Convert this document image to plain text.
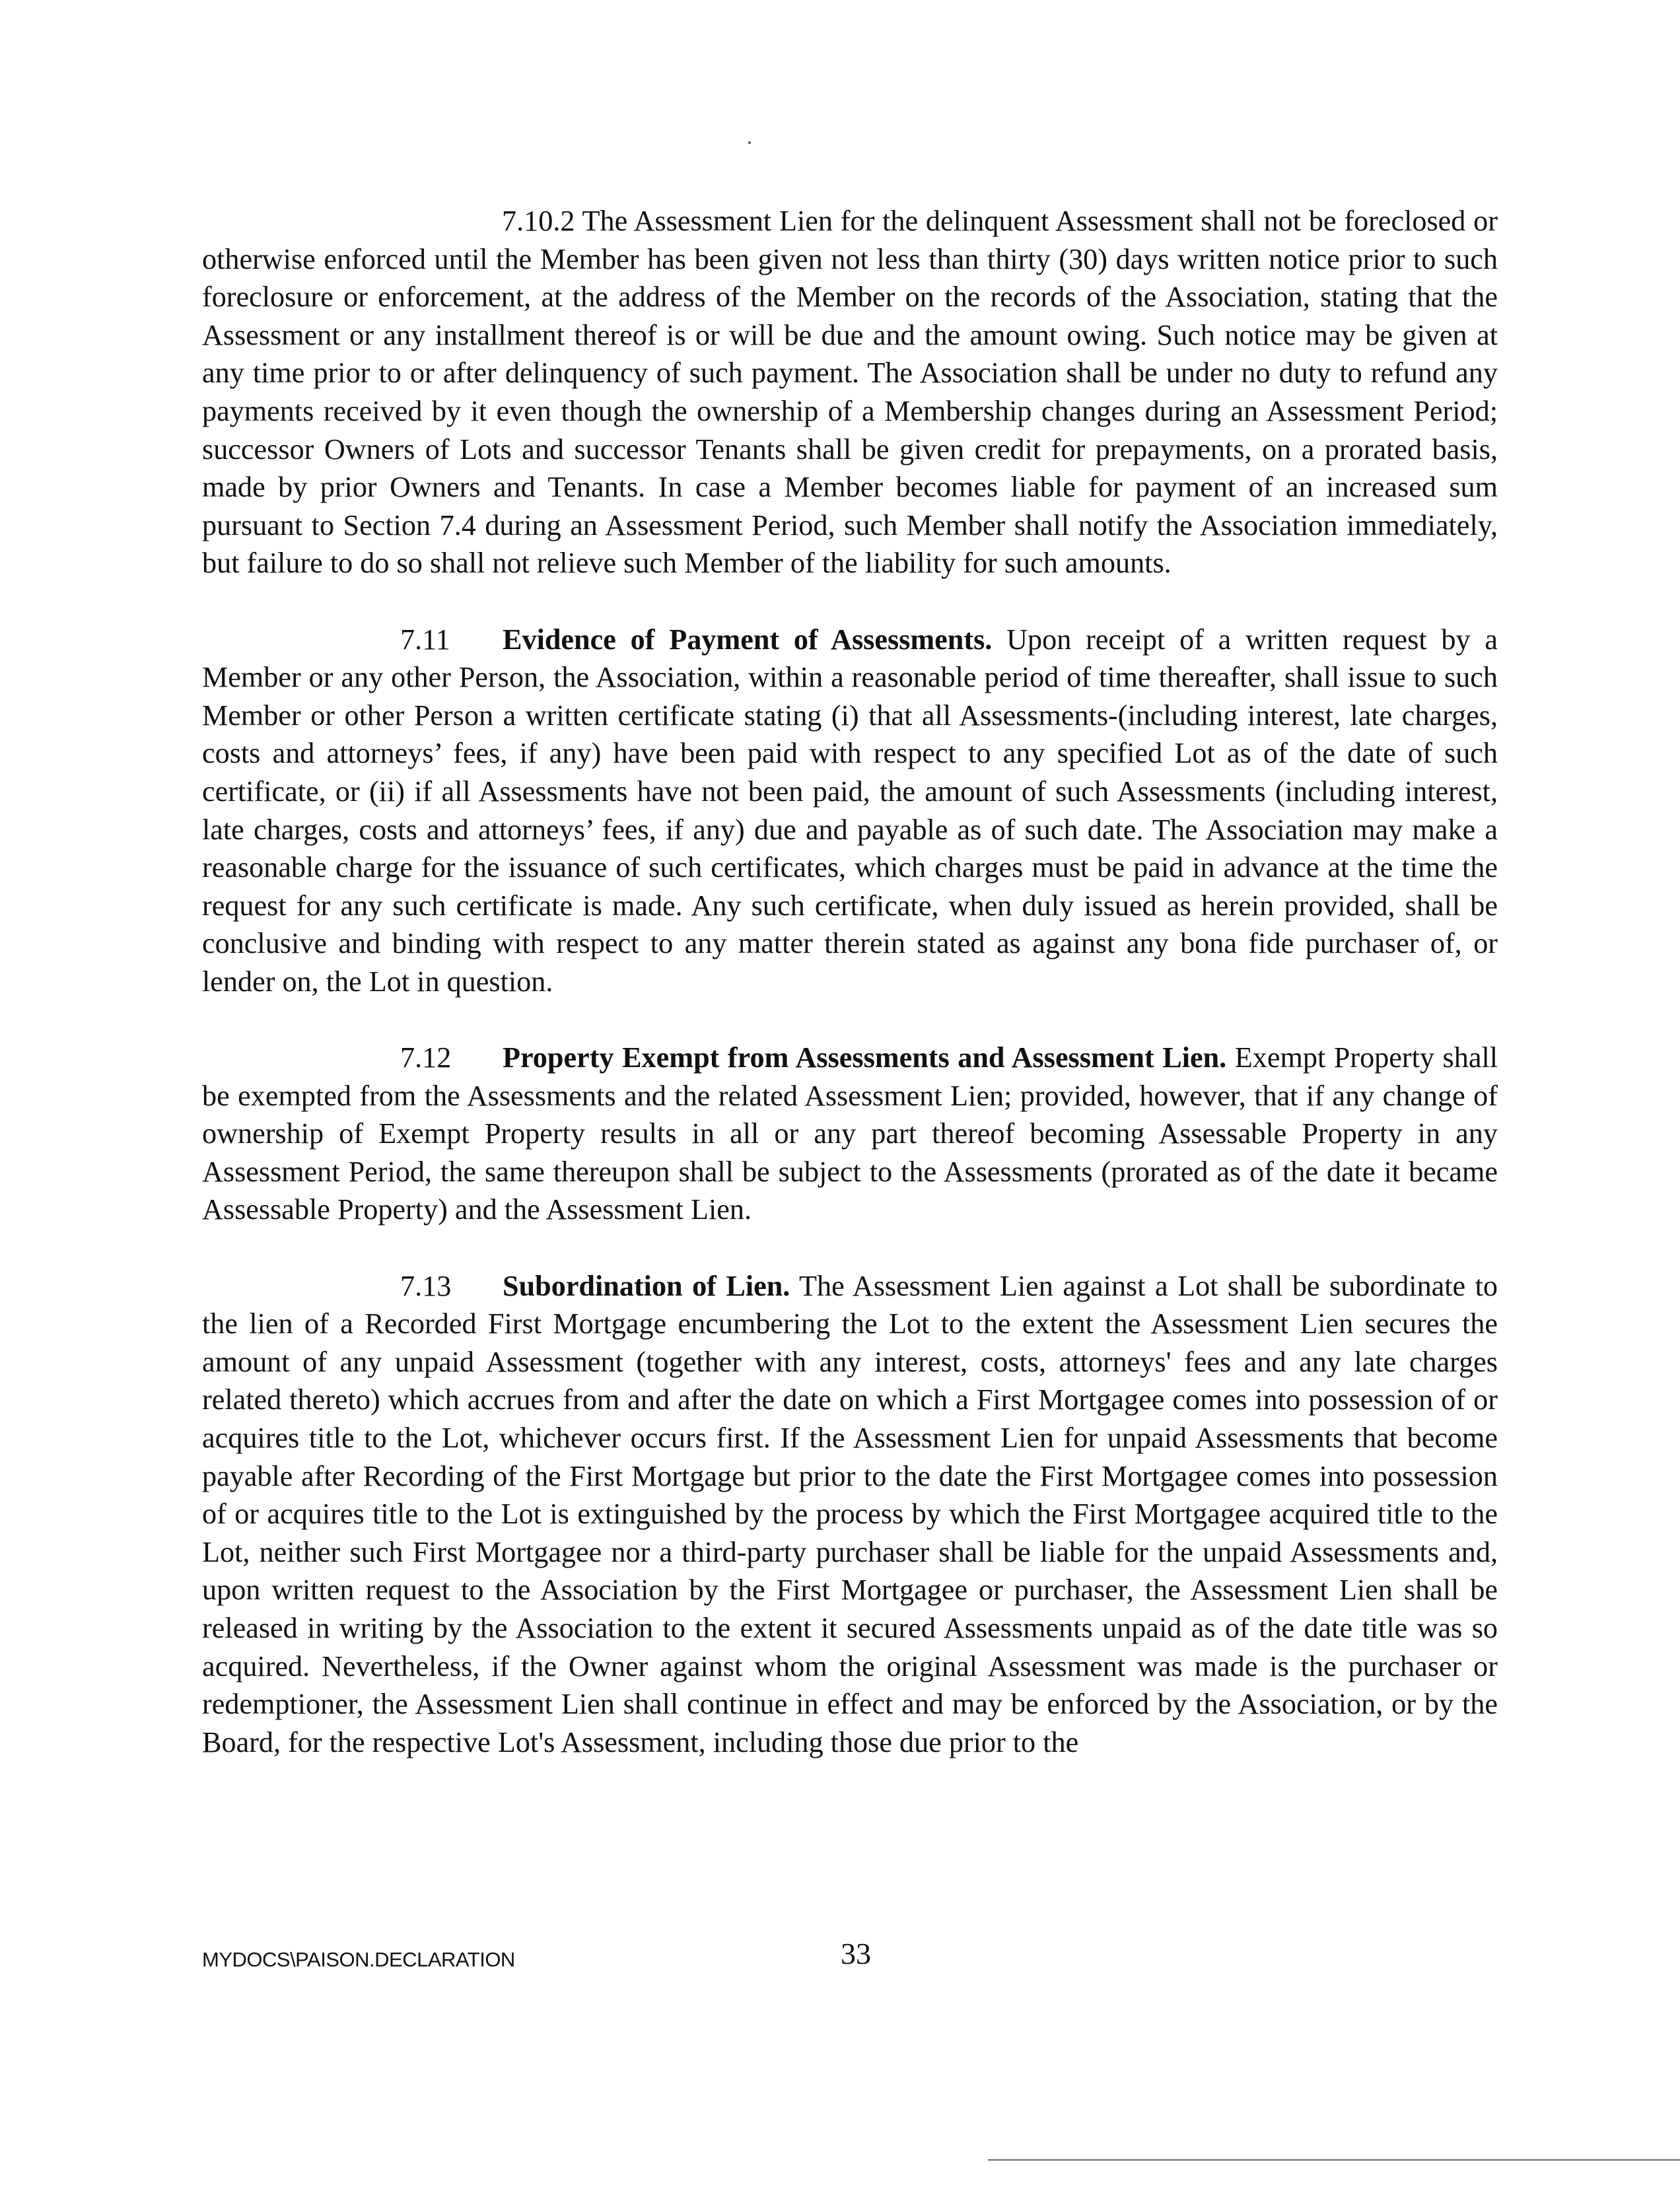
7.10.2 The Assessment Lien for the delinquent Assessment shall not be foreclosed or otherwise enforced until the Member has been given not less than thirty (30) days written notice prior to such foreclosure or enforcement, at the address of the Member on the records of the Association, stating that the Assessment or any installment thereof is or will be due and the amount owing. Such notice may be given at any time prior to or after delinquency of such payment. The Association shall be under no duty to refund any payments received by it even though the ownership of a Membership changes during an Assessment Period; successor Owners of Lots and successor Tenants shall be given credit for prepayments, on a prorated basis, made by prior Owners and Tenants. In case a Member becomes liable for payment of an increased sum pursuant to Section 7.4 during an Assessment Period, such Member shall notify the Association immediately, but failure to do so shall not relieve such Member of the liability for such amounts.

7.11 Evidence of Payment of Assessments. Upon receipt of a written request by a Member or any other Person, the Association, within a reasonable period of time thereafter, shall issue to such Member or other Person a written certificate stating (i) that all Assessments-(including interest, late charges, costs and attorneys’ fees, if any) have been paid with respect to any specified Lot as of the date of such certificate, or (ii) if all Assessments have not been paid, the amount of such Assessments (including interest, late charges, costs and attorneys’ fees, if any) due and payable as of such date. The Association may make a reasonable charge for the issuance of such certificates, which charges must be paid in advance at the time the request for any such certificate is made. Any such certificate, when duly issued as herein provided, shall be conclusive and binding with respect to any matter therein stated as against any bona fide purchaser of, or lender on, the Lot in question.

7.12 Property Exempt from Assessments and Assessment Lien. Exempt Property shall be exempted from the Assessments and the related Assessment Lien; provided, however, that if any change of ownership of Exempt Property results in all or any part thereof becoming Assessable Property in any Assessment Period, the same thereupon shall be subject to the Assessments (prorated as of the date it became Assessable Property) and the Assessment Lien.

7.13 Subordination of Lien. The Assessment Lien against a Lot shall be subordinate to the lien of a Recorded First Mortgage encumbering the Lot to the extent the Assessment Lien secures the amount of any unpaid Assessment (together with any interest, costs, attorneys' fees and any late charges related thereto) which accrues from and after the date on which a First Mortgagee comes into possession of or acquires title to the Lot, whichever occurs first. If the Assessment Lien for unpaid Assessments that become payable after Recording of the First Mortgage but prior to the date the First Mortgagee comes into possession of or acquires title to the Lot is extinguished by the process by which the First Mortgagee acquired title to the Lot, neither such First Mortgagee nor a third-party purchaser shall be liable for the unpaid Assessments and, upon written request to the Association by the First Mortgagee or purchaser, the Assessment Lien shall be released in writing by the Association to the extent it secured Assessments unpaid as of the date title was so acquired. Nevertheless, if the Owner against whom the original Assessment was made is the purchaser or redemptioner, the Assessment Lien shall continue in effect and may be enforced by the Association, or by the Board, for the respective Lot's Assessment, including those due prior to the

MYDOCS\PAISON.DECLARATION	33
